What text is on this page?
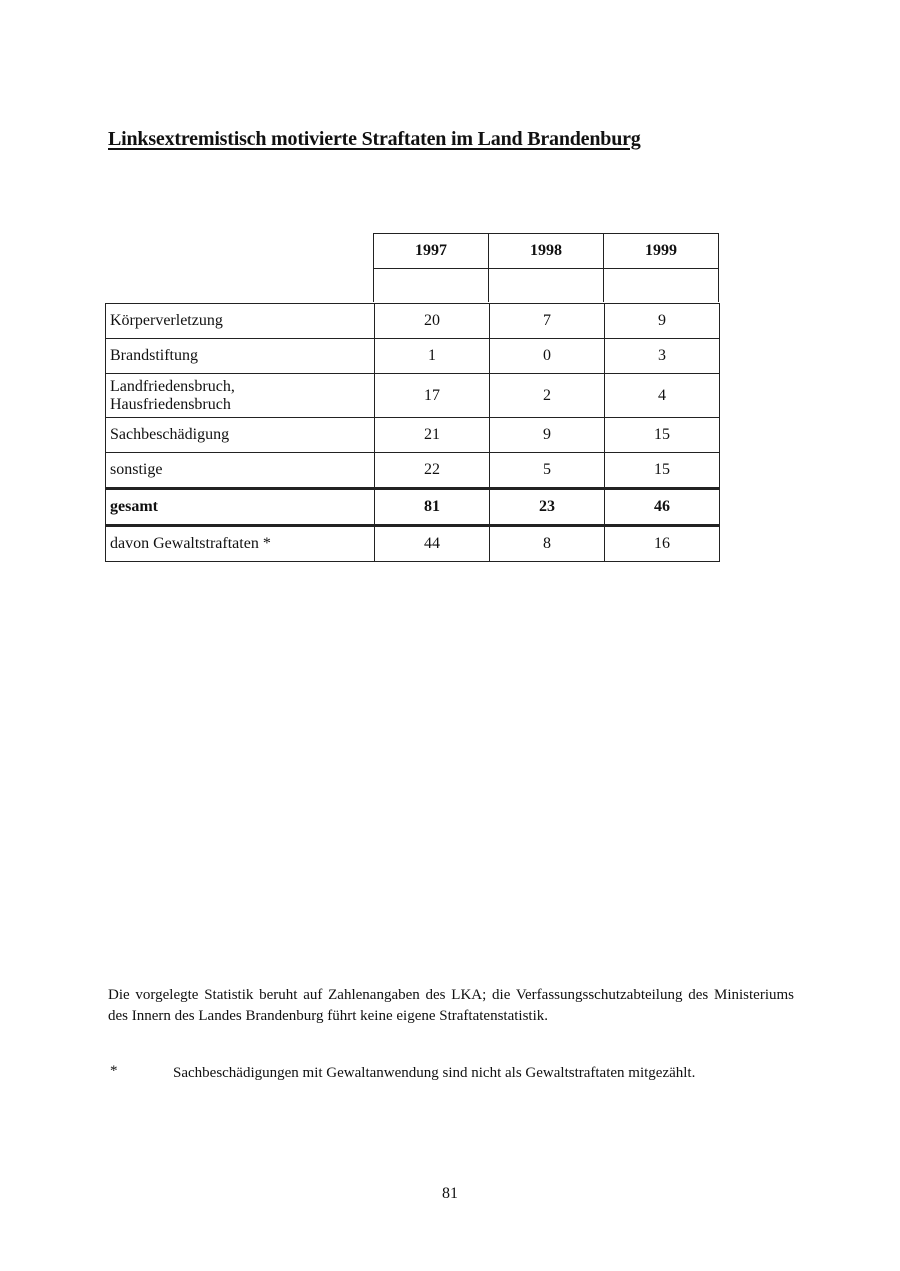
Linksextremistisch motivierte Straftaten im Land Brandenburg
1997	1998	1999

Körperverletzung	20	7	9
Brandstiftung	1	0	3
Landfriedensbruch,
Hausfriedensbruch	17	2	4
Sachbeschädigung	21	9	15
sonstige	22	5	15
gesamt	81	23	46
davon Gewaltstraftaten *	44	8	16

Die vorgelegte Statistik beruht auf Zahlenangaben des LKA; die Verfassungsschutzabteilung des Ministeriums des Innern des Landes Brandenburg führt keine eigene Straftatenstatistik.

*	Sachbeschädigungen mit Gewaltanwendung sind nicht als Gewaltstraftaten mitgezählt.

81
